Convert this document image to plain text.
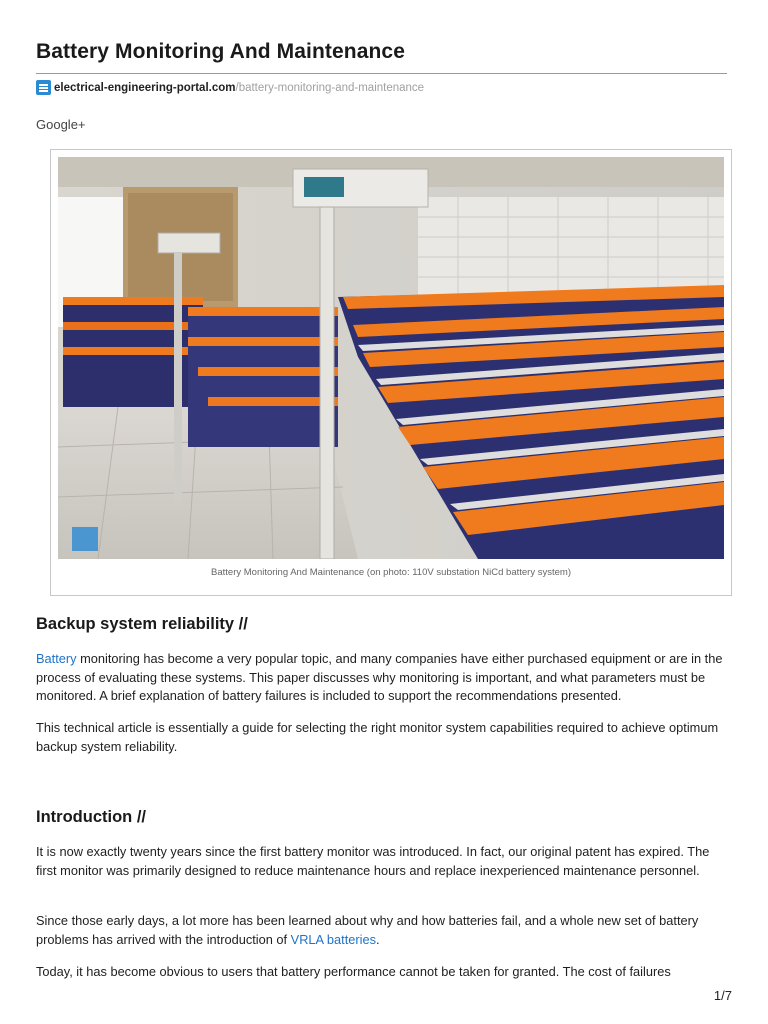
Battery Monitoring And Maintenance
electrical-engineering-portal.com/battery-monitoring-and-maintenance
Google+
Battery Monitoring And Maintenance (on photo: 110V substation NiCd battery system)
Backup system reliability //

Battery monitoring has become a very popular topic, and many companies have either purchased equipment or are in the process of evaluating these systems. This paper discusses why monitoring is important, and what parameters must be monitored. A brief explanation of battery failures is included to support the recommendations presented.

This technical article is essentially a guide for selecting the right monitor system capabilities required to achieve optimum backup system reliability.

Introduction //

It is now exactly twenty years since the first battery monitor was introduced. In fact, our original patent has expired. The first monitor was primarily designed to reduce maintenance hours and replace inexperienced maintenance personnel.

Since those early days, a lot more has been learned about why and how batteries fail, and a whole new set of battery problems has arrived with the introduction of VRLA batteries.

Today, it has become obvious to users that battery performance cannot be taken for granted. The cost of failures

1/7
